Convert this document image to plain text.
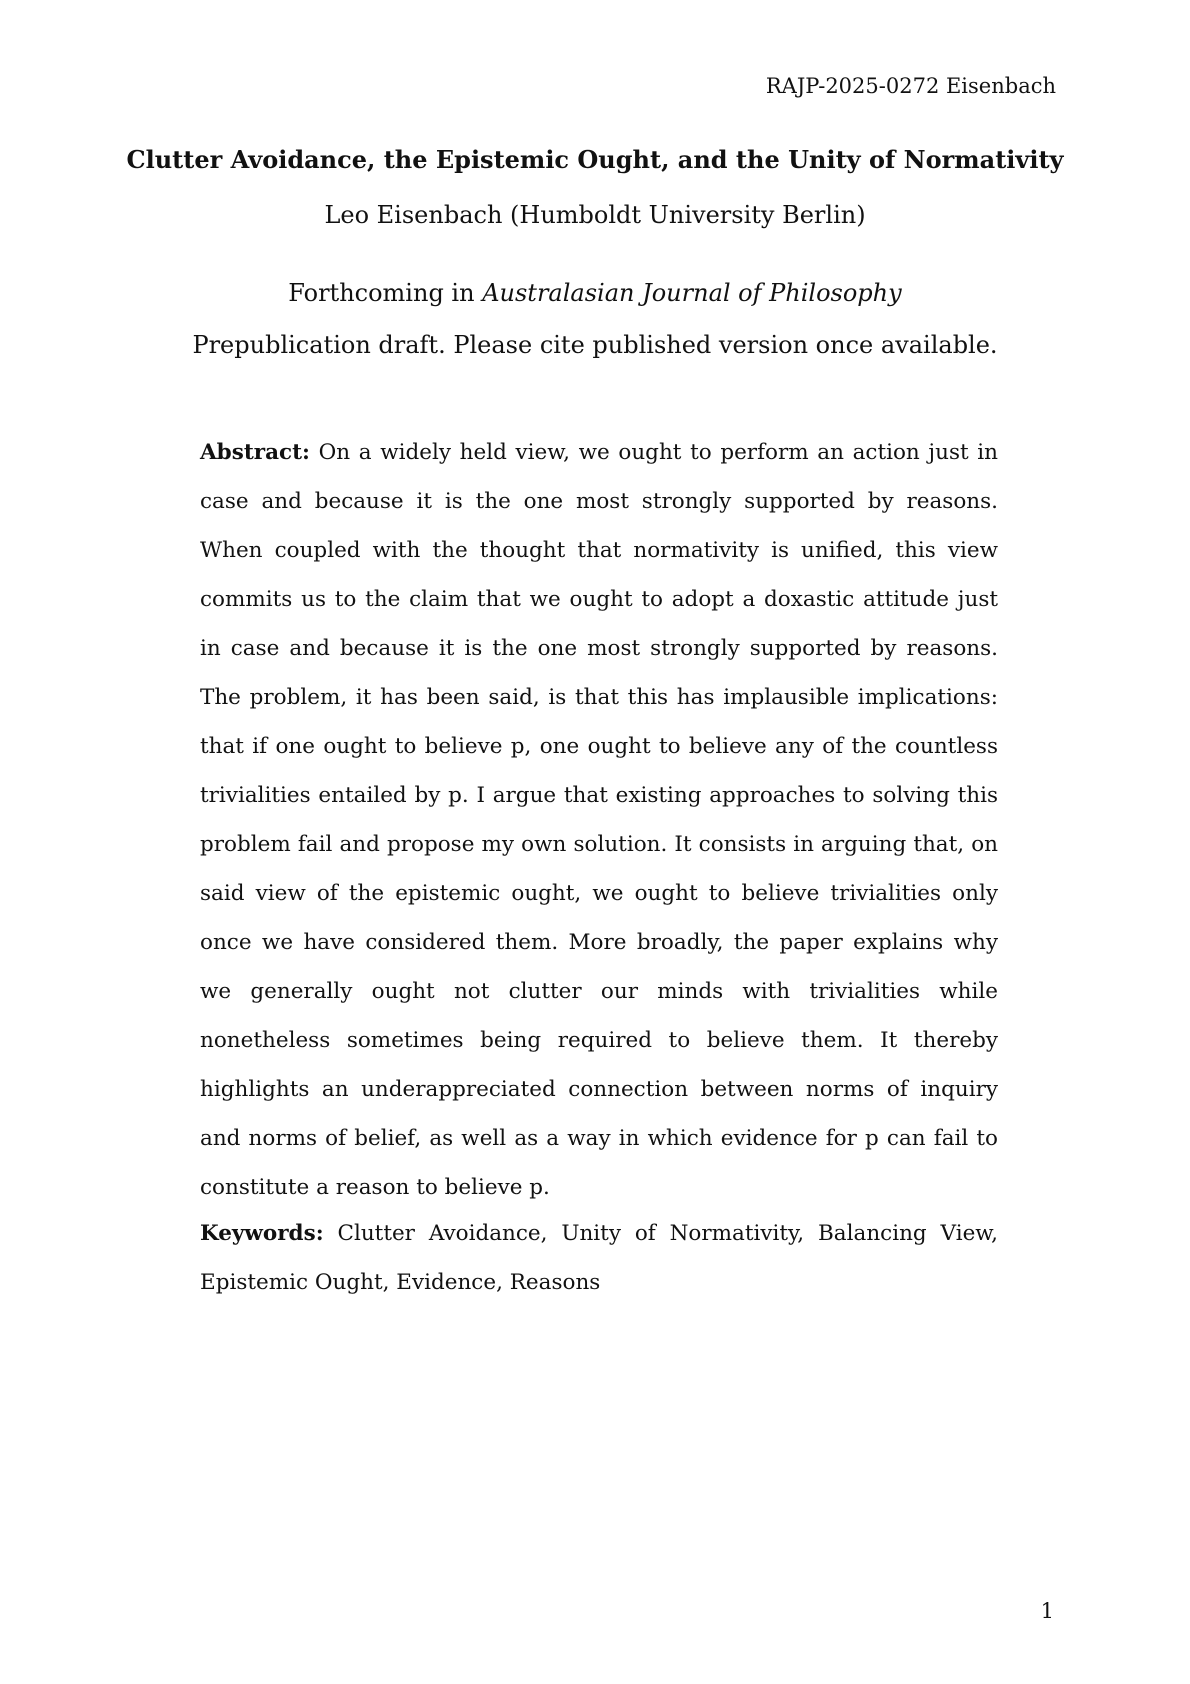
RAJP-2025-0272 Eisenbach
Clutter Avoidance, the Epistemic Ought, and the Unity of Normativity
Leo Eisenbach (Humboldt University Berlin)
Forthcoming in Australasian Journal of Philosophy
Prepublication draft. Please cite published version once available.

Abstract: On a widely held view, we ought to perform an action just in case and because it is the one most strongly supported by reasons. When coupled with the thought that normativity is unified, this view commits us to the claim that we ought to adopt a doxastic attitude just in case and because it is the one most strongly supported by reasons. The problem, it has been said, is that this has implausible implications: that if one ought to believe p, one ought to believe any of the countless trivialities entailed by p. I argue that existing approaches to solving this problem fail and propose my own solution. It consists in arguing that, on said view of the epistemic ought, we ought to believe trivialities only once we have considered them. More broadly, the paper explains why we generally ought not clutter our minds with trivialities while nonetheless sometimes being required to believe them. It thereby highlights an underappreciated connection between norms of inquiry and norms of belief, as well as a way in which evidence for p can fail to constitute a reason to believe p.

Keywords: Clutter Avoidance, Unity of Normativity, Balancing View, Epistemic Ought, Evidence, Reasons

1
